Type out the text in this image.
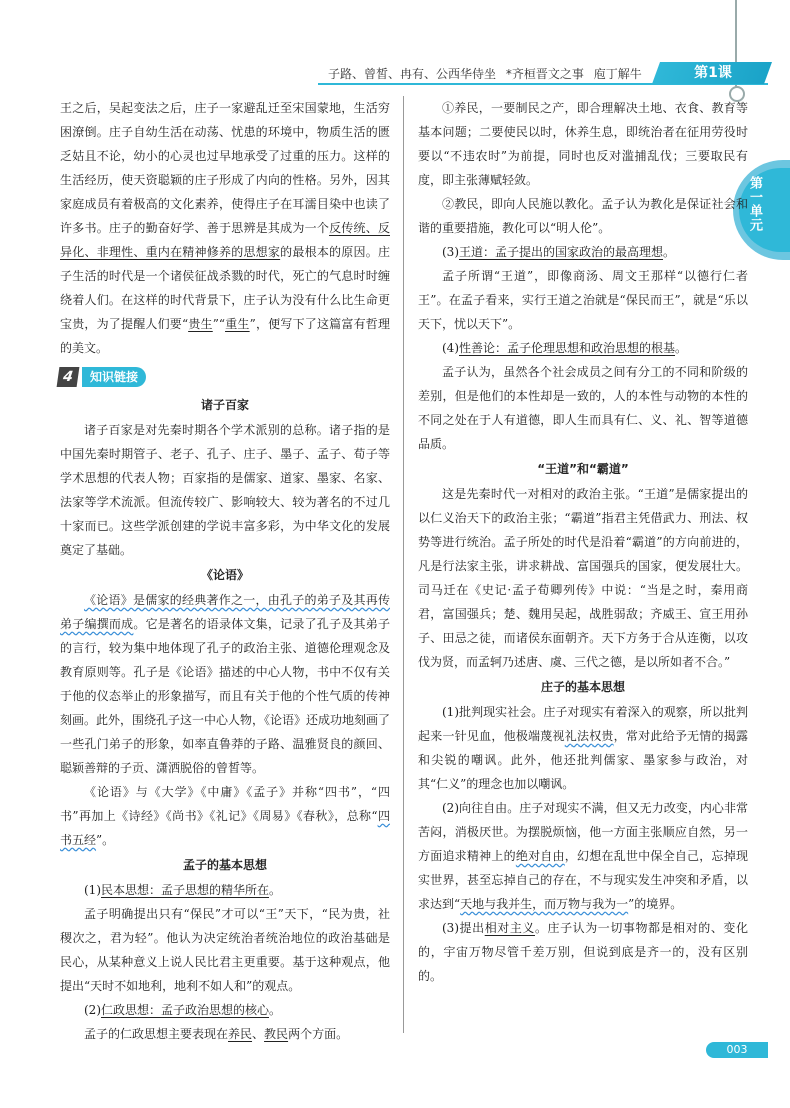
子路、曾皙、冉有、公西华侍坐 *齐桓晋文之事 庖丁解牛	第1课
第一单元

王之后，吴起变法之后，庄子一家避乱迁至宋国蒙地，生活穷困潦倒。庄子自幼生活在动荡、忧患的环境中，物质生活的匮乏姑且不论，幼小的心灵也过早地承受了过重的压力。这样的生活经历，使天资聪颖的庄子形成了内向的性格。另外，因其家庭成员有着极高的文化素养，使得庄子在耳濡目染中也读了许多书。庄子的勤奋好学、善于思辨是其成为一个反传统、反异化、非理性、重内在精神修养的思想家的最根本的原因。庄子生活的时代是一个诸侯征战杀戮的时代，死亡的气息时时缠绕着人们。在这样的时代背景下，庄子认为没有什么比生命更宝贵，为了提醒人们要“贵生”“重生”，便写下了这篇富有哲理的美文。

4	知识链接
诸子百家

诸子百家是对先秦时期各个学术派别的总称。诸子指的是中国先秦时期管子、老子、孔子、庄子、墨子、孟子、荀子等学术思想的代表人物；百家指的是儒家、道家、墨家、名家、法家等学术流派。但流传较广、影响较大、较为著名的不过几十家而已。这些学派创建的学说丰富多彩，为中华文化的发展奠定了基础。

《论语》

《论语》是儒家的经典著作之一，由孔子的弟子及其再传弟子编撰而成。它是著名的语录体文集，记录了孔子及其弟子的言行，较为集中地体现了孔子的政治主张、道德伦理观念及教育原则等。孔子是《论语》描述的中心人物，书中不仅有关于他的仪态举止的形象描写，而且有关于他的个性气质的传神刻画。此外，围绕孔子这一中心人物，《论语》还成功地刻画了一些孔门弟子的形象，如率直鲁莽的子路、温雅贤良的颜回、聪颖善辩的子贡、潇洒脱俗的曾皙等。

《论语》与《大学》《中庸》《孟子》并称“四书”，“四书”再加上《诗经》《尚书》《礼记》《周易》《春秋》，总称“四书五经”。

孟子的基本思想

(1)民本思想：孟子思想的精华所在。

孟子明确提出只有“保民”才可以“王”天下，“民为贵，社稷次之，君为轻”。他认为决定统治者统治地位的政治基础是民心，从某种意义上说人民比君主更重要。基于这种观点，他提出“天时不如地利，地利不如人和”的观点。

(2)仁政思想：孟子政治思想的核心。

孟子的仁政思想主要表现在养民、教民两个方面。

①养民，一要制民之产，即合理解决土地、衣食、教育等基本问题；二要使民以时，休养生息，即统治者在征用劳役时要以“不违农时”为前提，同时也反对滥捕乱伐；三要取民有度，即主张薄赋轻敛。

②教民，即向人民施以教化。孟子认为教化是保证社会和谐的重要措施，教化可以“明人伦”。

(3)王道：孟子提出的国家政治的最高理想。

孟子所谓“王道”，即像商汤、周文王那样“以德行仁者王”。在孟子看来，实行王道之治就是“保民而王”，就是“乐以天下，忧以天下”。

(4)性善论：孟子伦理思想和政治思想的根基。

孟子认为，虽然各个社会成员之间有分工的不同和阶级的差别，但是他们的本性却是一致的，人的本性与动物的本性的不同之处在于人有道德，即人生而具有仁、义、礼、智等道德品质。

“王道”和“霸道”

这是先秦时代一对相对的政治主张。“王道”是儒家提出的以仁义治天下的政治主张；“霸道”指君主凭借武力、刑法、权势等进行统治。孟子所处的时代是沿着“霸道”的方向前进的，凡是行法家主张，讲求耕战、富国强兵的国家，便发展壮大。司马迁在《史记·孟子荀卿列传》中说：“当是之时，秦用商君，富国强兵；楚、魏用吴起，战胜弱敌；齐威王、宣王用孙子、田忌之徒，而诸侯东面朝齐。天下方务于合从连衡，以攻伐为贤，而孟轲乃述唐、虞、三代之德，是以所如者不合。”

庄子的基本思想

(1)批判现实社会。庄子对现实有着深入的观察，所以批判起来一针见血，他极端蔑视礼法权贵，常对此给予无情的揭露和尖锐的嘲讽。此外，他还批判儒家、墨家参与政治，对其“仁义”的理念也加以嘲讽。

(2)向往自由。庄子对现实不满，但又无力改变，内心非常苦闷，消极厌世。为摆脱烦恼，他一方面主张顺应自然，另一方面追求精神上的绝对自由，幻想在乱世中保全自己，忘掉现实世界，甚至忘掉自己的存在，不与现实发生冲突和矛盾，以求达到“天地与我并生，而万物与我为一”的境界。

(3)提出相对主义。庄子认为一切事物都是相对的、变化的，宇宙万物尽管千差万别，但说到底是齐一的，没有区别的。

003
